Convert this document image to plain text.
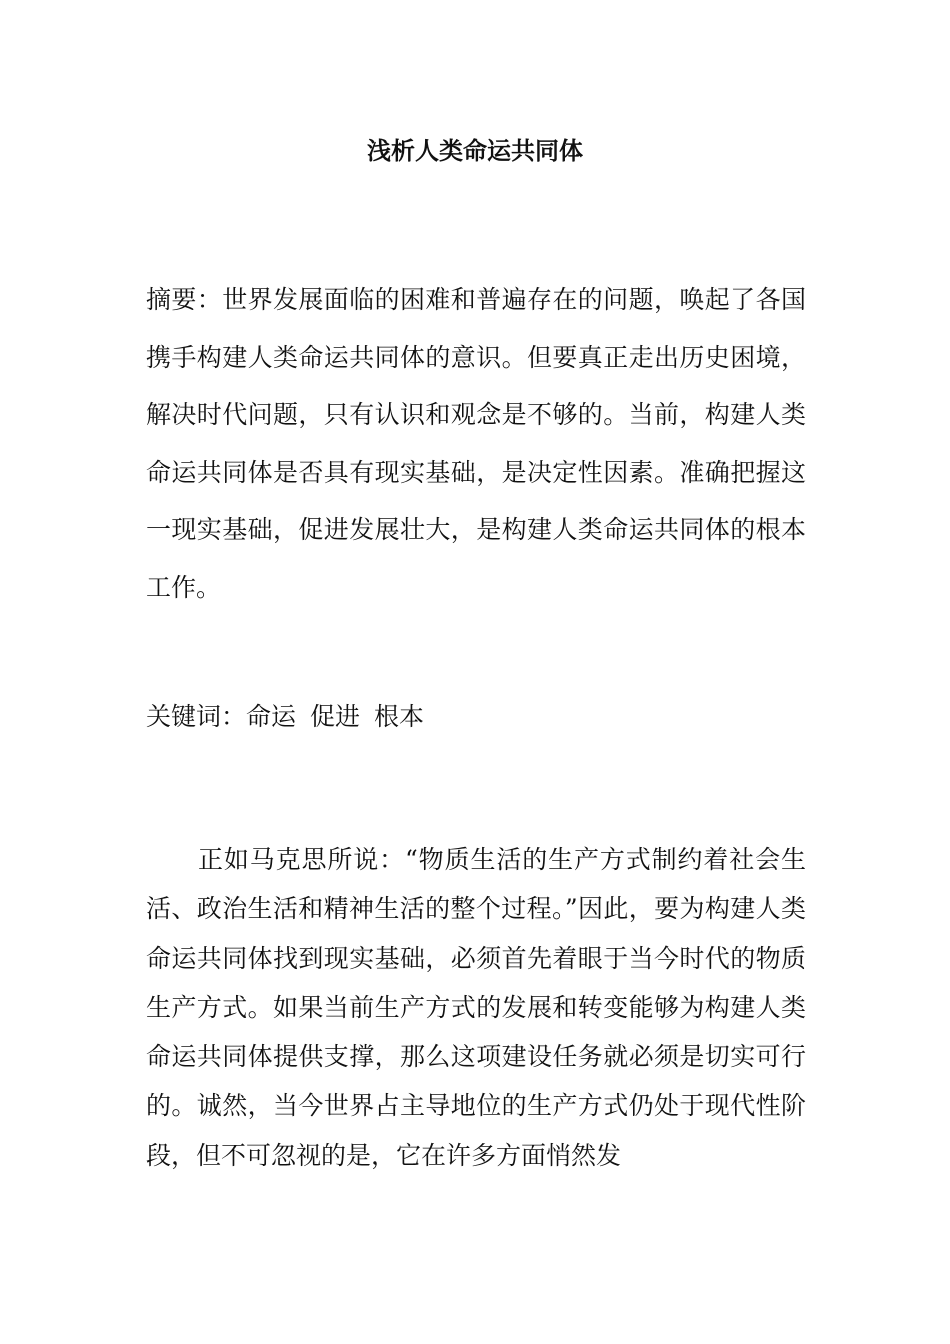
浅析人类命运共同体

摘要：世界发展面临的困难和普遍存在的问题，唤起了各国携手构建人类命运共同体的意识。但要真正走出历史困境，解决时代问题，只有认识和观念是不够的。当前，构建人类命运共同体是否具有现实基础，是决定性因素。准确把握这一现实基础，促进发展壮大，是构建人类命运共同体的根本工作。

关键词：命运 促进 根本

正如马克思所说：“物质生活的生产方式制约着社会生活、政治生活和精神生活的整个过程。”因此，要为构建人类命运共同体找到现实基础，必须首先着眼于当今时代的物质生产方式。如果当前生产方式的发展和转变能够为构建人类命运共同体提供支撑，那么这项建设任务就必须是切实可行的。诚然，当今世界占主导地位的生产方式仍处于现代性阶段，但不可忽视的是，它在许多方面悄然发
